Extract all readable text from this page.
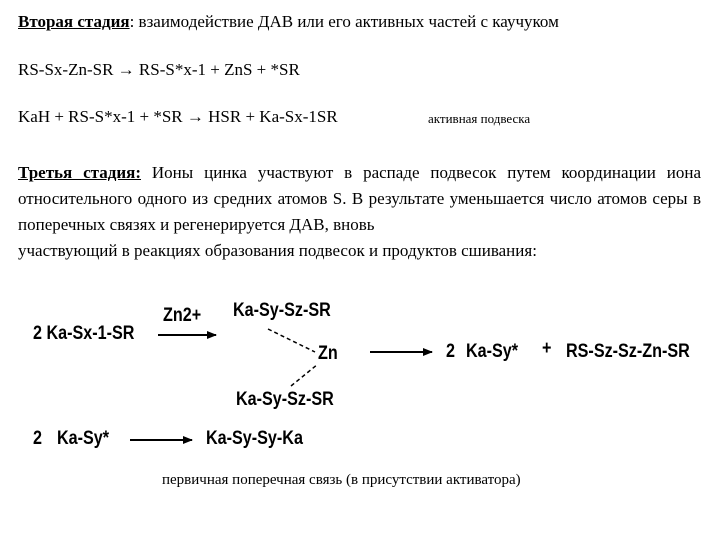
Вторая стадия: взаимодействие ДАВ или его активных частей с каучуком
RS-Sx-Zn-SR → RS-S*x-1 + ZnS + *SR
KaH + RS-S*x-1 + *SR → HSR + Ka-Sx-1SR	активная подвеска
Третья стадия: Ионы цинка участвуют в распаде подвесок путем координации иона относительного одного из средних атомов S. В результате уменьшается число атомов серы в поперечных связях и регенерируется ДАВ, вновь
участвующий в реакциях образования подвесок и продуктов сшивания:
2 Ka-Sx-1-SR
Zn2+ Ka-Sy-Sz-SR
Zn
Ka-Sy-Sz-SR
2 Ka-Sy* + RS-Sz-Sz-Zn-SR
2 Ka-Sy*	Ka-Sy-Sy-Ka
первичная поперечная связь (в присутствии активатора)
